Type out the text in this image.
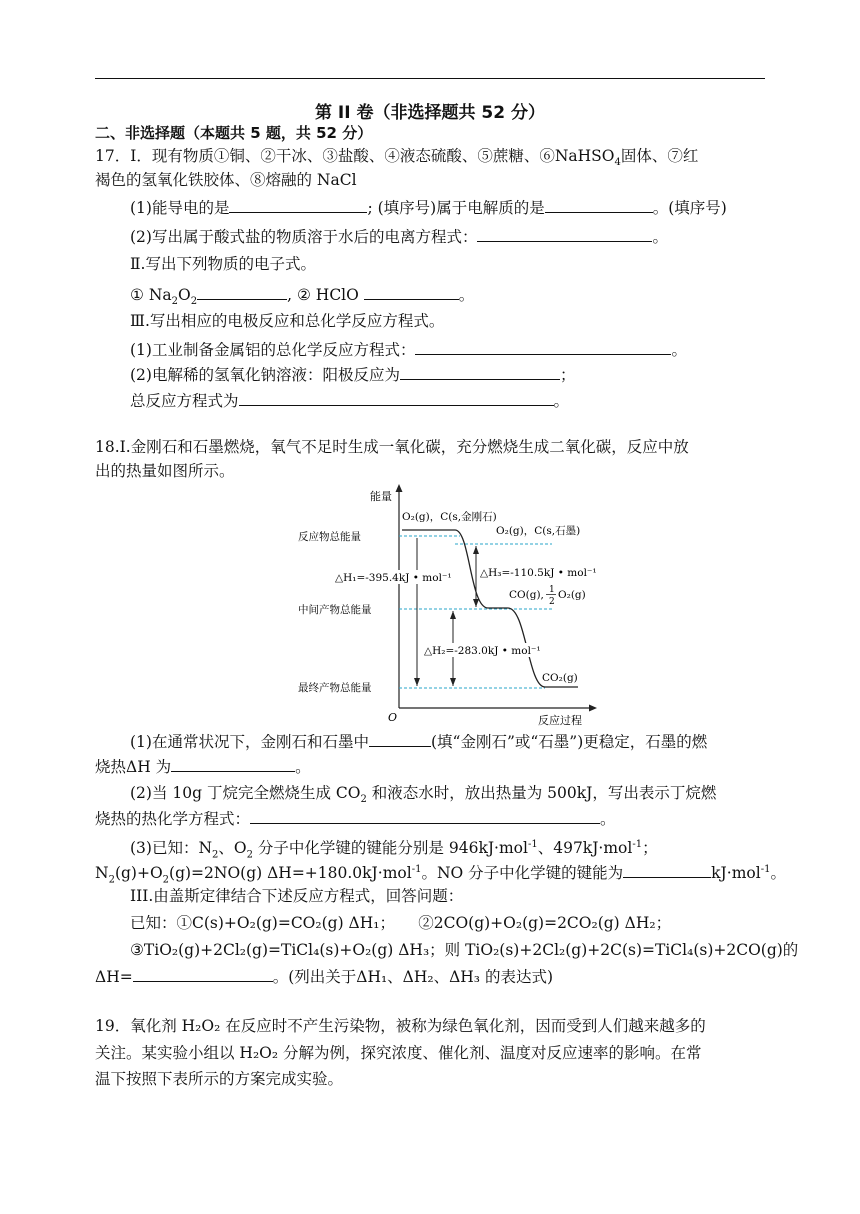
第 II 卷（非选择题共 52 分）
二、非选择题（本题共 5 题，共 52 分）
17．Ⅰ．现有物质①铜、②干冰、③盐酸、④液态硫酸、⑤蔗糖、⑥NaHSO$_4$固体、⑦红
褐色的氢氧化铁胶体、⑧熔融的 NaCl
(1)能导电的是	; (填序号)属于电解质的是	。(填序号)
(2)写出属于酸式盐的物质溶于水后的电离方程式：	。
Ⅱ.写出下列物质的电子式。
① $Na_2O_2$	, ② HClO	。
Ⅲ.写出相应的电极反应和总化学反应方程式。
(1)工业制备金属铝的总化学反应方程式：	。
(2)电解稀的氢氧化钠溶液：阳极反应为	；
总反应方程式为	。
18.Ⅰ.金刚石和石墨燃烧，氧气不足时生成一氧化碳，充分燃烧生成二氧化碳，反应中放
出的热量如图所示。
能量
反应过程
O
反应物总能量
中间产物总能量
最终产物总能量
O₂(g)，C(s,金刚石)
O₂(g)，C(s,石墨)
CO(g), 1
2
O₂(g)
CO₂(g)
△H₁=-395.4kJ • mol⁻¹	△H₃=-110.5kJ • mol⁻¹
△H₂=-283.0kJ • mol⁻¹
(1)在通常状况下，金刚石和石墨中	(填“金刚石”或“石墨”)更稳定，石墨的燃
烧热ΔH 为	。
(2)当 10g 丁烷完全燃烧生成 $CO_2$ 和液态水时，放出热量为 500kJ，写出表示丁烷燃
烧热的热化学方程式：	。
(3)已知：$N_2$、$O_2$ 分子中化学键的键能分别是 946kJ·mol$^{-1}$、497kJ·mol$^{-1}$；
$N_2(g)+O_2(g)=2NO(g)$ ΔH=+180.0kJ·mol$^{-1}$。NO 分子中化学键的键能为	kJ·mol$^{-1}$。
III.由盖斯定律结合下述反应方程式，回答问题：
已知：①C(s)+O₂(g)=CO₂(g) ΔH₁；　　②2CO(g)+O₂(g)=2CO₂(g) ΔH₂；
③TiO₂(g)+2Cl₂(g)=TiCl₄(s)+O₂(g) ΔH₃；则 TiO₂(s)+2Cl₂(g)+2C(s)=TiCl₄(s)+2CO(g)的
ΔH=	。(列出关于ΔH₁、ΔH₂、ΔH₃ 的表达式)
19．氧化剂 H₂O₂ 在反应时不产生污染物，被称为绿色氧化剂，因而受到人们越来越多的
关注。某实验小组以 H₂O₂ 分解为例，探究浓度、催化剂、温度对反应速率的影响。在常
温下按照下表所示的方案完成实验。
